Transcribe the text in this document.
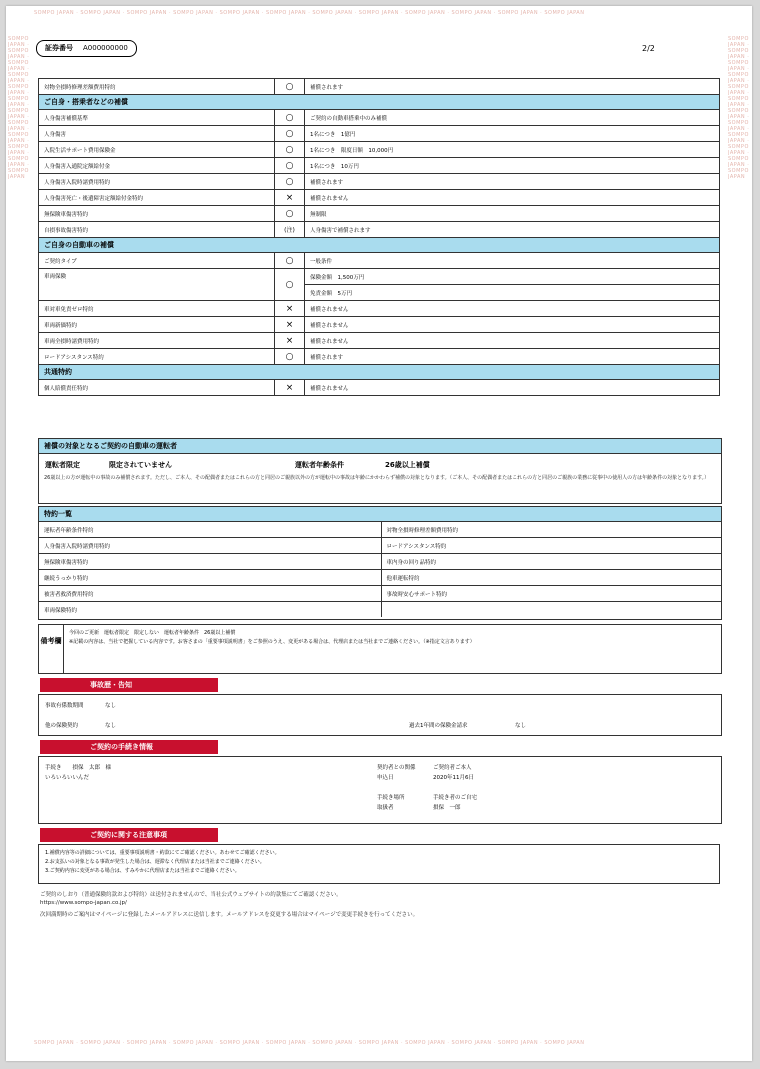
SOMPO JAPAN · SOMPO JAPAN · SOMPO JAPAN · SOMPO JAPAN · SOMPO JAPAN · SOMPO JAPAN · SOMPO JAPAN · SOMPO JAPAN · SOMPO JAPAN · SOMPO JAPAN · SOMPO JAPAN · SOMPO JAPAN
SOMPO JAPAN · SOMPO JAPAN · SOMPO JAPAN · SOMPO JAPAN · SOMPO JAPAN · SOMPO JAPAN · SOMPO JAPAN · SOMPO JAPAN · SOMPO JAPAN · SOMPO JAPAN · SOMPO JAPAN · SOMPO JAPAN
SOMPO JAPAN · SOMPO JAPAN · SOMPO JAPAN · SOMPO JAPAN · SOMPO JAPAN · SOMPO JAPAN · SOMPO JAPAN · SOMPO JAPAN · SOMPO JAPAN · SOMPO JAPAN · SOMPO JAPAN · SOMPO JAPAN
SOMPO JAPAN · SOMPO JAPAN · SOMPO JAPAN · SOMPO JAPAN · SOMPO JAPAN · SOMPO JAPAN · SOMPO JAPAN · SOMPO JAPAN · SOMPO JAPAN · SOMPO JAPAN · SOMPO JAPAN · SOMPO JAPAN
証券番号 A000000000	2/2
対物全損時修理差額費用特約	○	補償されます
ご自身・搭乗者などの補償		
人身傷害補償基準	○	ご契約の自動車搭乗中のみ補償
人身傷害	○	1名につき　1億円
入院生活サポート費用保険金	○	1名につき　限度日額　10,000円
人身傷害入通院定額給付金	○	1名につき　10万円
人身傷害入院時諸費用特約	○	補償されます
人身傷害死亡・後遺障害定額給付金特約	×	補償されません
無保険車傷害特約	○	無制限
自損事故傷害特約	(注)	人身傷害で補償されます
ご自身の自動車の補償		
ご契約タイプ	○	一般条件
車両保険	○	保険金額　1,500万円
		免責金額　5万円
車対車免責ゼロ特約	×	補償されません
車両新価特約	×	補償されません
車両全損時諸費用特約	×	補償されません
ロードアシスタンス特約	○	補償されます
共通特約		
個人賠償責任特約	×	補償されません
補償の対象となるご契約の自動車の運転者
運転者限定	限定されていません	運転者年齢条件	26歳以上補償
26歳以上の方が運転中の事故のみ補償されます。ただし、ご本人、その配偶者またはこれらの方と同居のご親族以外の方が運転中の事故は年齢にかかわらず補償の対象となります。（ご本人、その配偶者またはこれらの方と同居のご親族の業務に従事中の使用人の方は年齢条件の対象となります。）
特約一覧
運転者年齢条件特約	対物全損時修理差額費用特約
人身傷害入院時諸費用特約	ロードアシスタンス特約
無保険車傷害特約	車内身の回り品特約
継続うっかり特約	他車運転特約
被害者救済費用特約	事故時安心サポート特約
車両保険特約	
備考欄
今回のご更新　運転者限定　限定しない　運転者年齢条件　26歳以上補償
※記載の内容は、当社で把握している内容です。お客さまの「重要事項説明書」をご参照のうえ、変更がある場合は、代理店または当社までご連絡ください。（※指定文言あります）
事故歴・告知
事故有係数期間	なし
他の保険契約	なし	過去1年間の保険金請求	なし
ご契約の手続き情報
手続き　　損保　太郎　様
いろいろいいんだ
契約者との関係	ご契約者ご本人
申込日	2020年11月6日
手続き場所	手続き者のご自宅
取扱者	損保　一郎
ご契約に関する注意事項
1.補償内容等の詳細については、重要事項説明書・約款にてご確認ください。あわせてご確認ください。
2.お支払いの対象となる事故が発生した場合は、遅滞なく代理店または当社までご連絡ください。
3.ご契約内容に変更がある場合は、すみやかに代理店または当社までご連絡ください。
ご契約のしおり（普通保険約款および特約）は送付されませんので、当社公式ウェブサイトの約款集にてご確認ください。
https://www.sompo-japan.co.jp/
次回満期時のご案内はマイページに登録したメールアドレスに送信します。メールアドレスを変更する場合はマイページで変更手続きを行ってください。
